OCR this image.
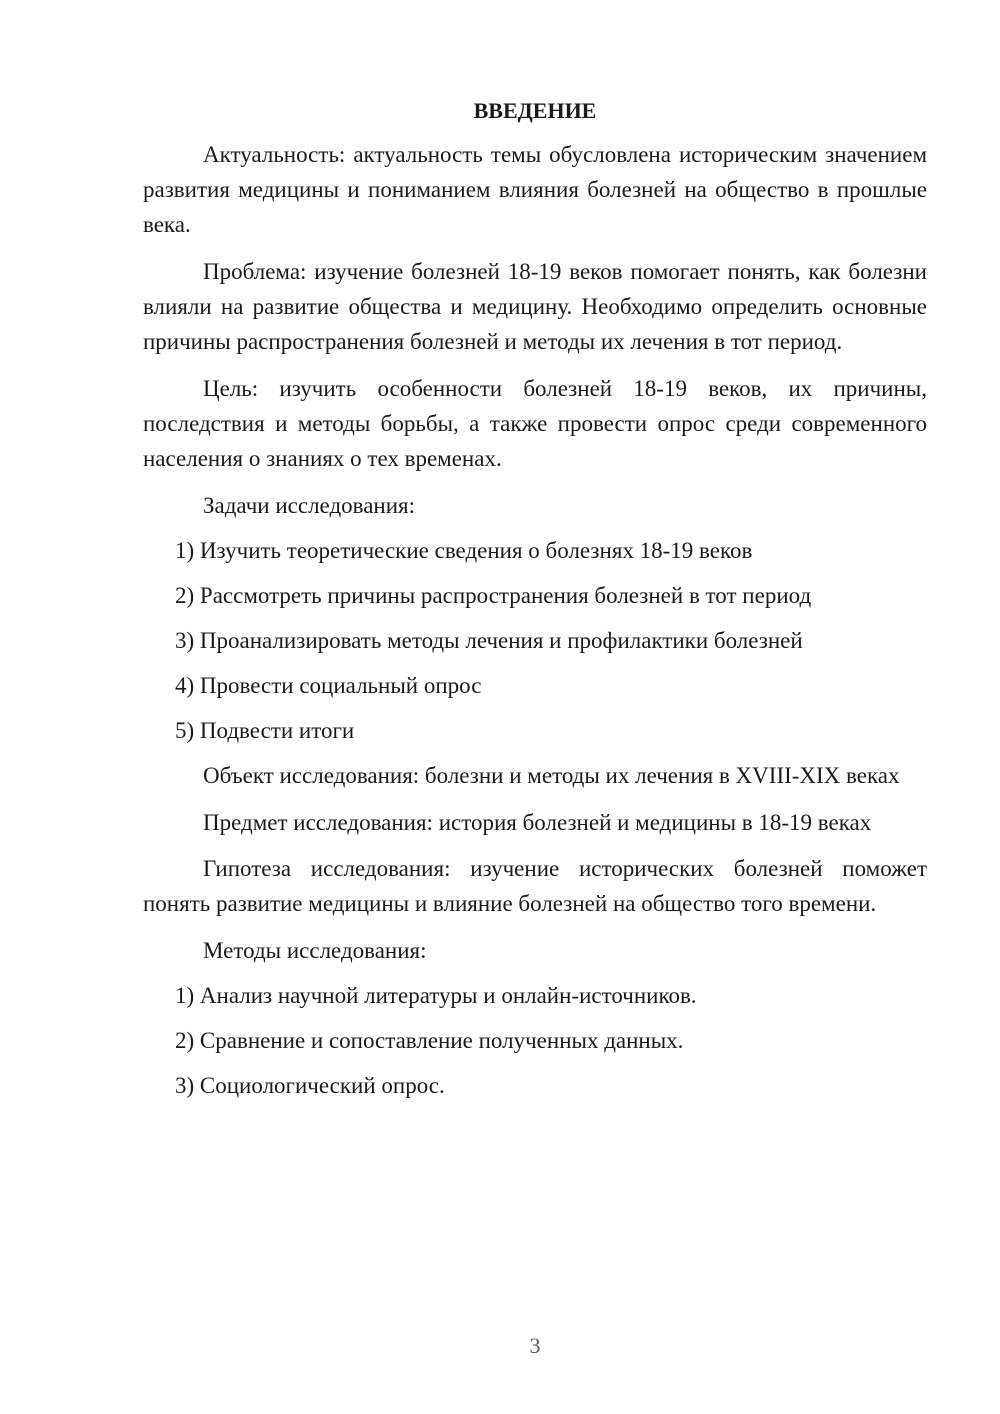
ВВЕДЕНИЕ

Актуальность: актуальность темы обусловлена историческим значением развития медицины и пониманием влияния болезней на общество в прошлые века.

Проблема: изучение болезней 18-19 веков помогает понять, как болезни влияли на развитие общества и медицину. Необходимо определить основные причины распространения болезней и методы их лечения в тот период.

Цель: изучить особенности болезней 18-19 веков, их причины, последствия и методы борьбы, а также провести опрос среди современного населения о знаниях о тех временах.

Задачи исследования:
1) Изучить теоретические сведения о болезнях 18-19 веков
2) Рассмотреть причины распространения болезней в тот период
3) Проанализировать методы лечения и профилактики болезней
4) Провести социальный опрос
5) Подвести итоги

Объект исследования: болезни и методы их лечения в XVIII-XIX веках

Предмет исследования: история болезней и медицины в 18-19 веках

Гипотеза исследования: изучение исторических болезней поможет понять развитие медицины и влияние болезней на общество того времени.

Методы исследования:
1) Анализ научной литературы и онлайн-источников.
2) Сравнение и сопоставление полученных данных.
3) Социологический опрос.
3
